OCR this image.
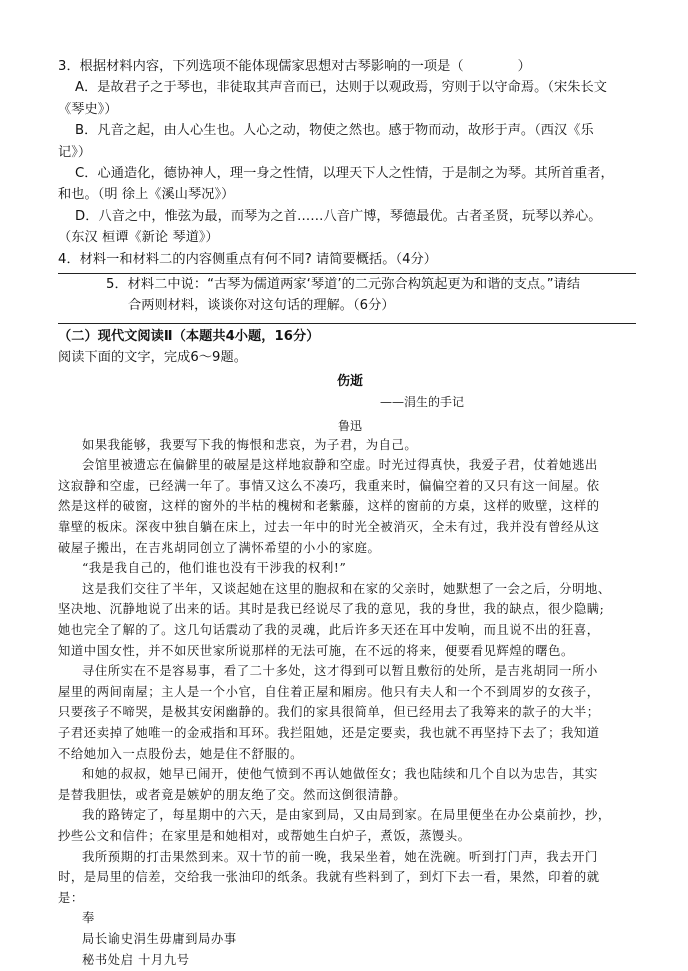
3．根据材料内容，下列选项不能体现儒家思想对古琴影响的一项是（	）
A．是故君子之于琴也，非徒取其声音而已，达则于以观政焉，穷则于以守命焉。（宋朱长文
《琴史》）
B．凡音之起，由人心生也。人心之动，物使之然也。感于物而动，故形于声。（西汉《乐
记》）
C．心通造化，德协神人，理一身之性情，以理天下人之性情，于是制之为琴。其所首重者，
和也。（明 徐上《溪山琴况》）
D．八音之中，惟弦为最，而琴为之首……八音广博，琴德最优。古者圣贤，玩琴以养心。
（东汉 桓谭《新论 琴道》）
4．材料一和材料二的内容侧重点有何不同? 请简要概括。（4分）
5．材料二中说：“古琴为儒道两家‘琴道’的二元弥合构筑起更为和谐的支点。”请结
合两则材料，谈谈你对这句话的理解。（6分）
（二）现代文阅读Ⅱ（本题共4小题，16分）
阅读下面的文字，完成6～9题。
伤逝
——涓生的手记
鲁迅
如果我能够，我要写下我的悔恨和悲哀，为子君，为自己。
会馆里被遗忘在偏僻里的破屋是这样地寂静和空虚。时光过得真快，我爱子君，仗着她逃出
这寂静和空虚，已经满一年了。事情又这么不凑巧，我重来时，偏偏空着的又只有这一间屋。依
然是这样的破窗，这样的窗外的半枯的槐树和老紫藤，这样的窗前的方桌，这样的败壁，这样的
靠壁的板床。深夜中独自躺在床上，过去一年中的时光全被消灭，全未有过，我并没有曾经从这
破屋子搬出，在吉兆胡同创立了满怀希望的小小的家庭。
“我是我自己的，他们谁也没有干涉我的权利!”
这是我们交往了半年，又谈起她在这里的胞叔和在家的父亲时，她默想了一会之后，分明地、
坚决地、沉静地说了出来的话。其时是我已经说尽了我的意见，我的身世，我的缺点，很少隐瞒;
她也完全了解的了。这几句话震动了我的灵魂，此后许多天还在耳中发响，而且说不出的狂喜，
知道中国女性，并不如厌世家所说那样的无法可施，在不远的将来，便要看见辉煌的曙色。
寻住所实在不是容易事，看了二十多处，这才得到可以暂且敷衍的处所，是吉兆胡同一所小
屋里的两间南屋；主人是一个小官，自住着正屋和厢房。他只有夫人和一个不到周岁的女孩子，
只要孩子不啼哭，是极其安闲幽静的。我们的家具很简单，但已经用去了我筹来的款子的大半；
子君还卖掉了她唯一的金戒指和耳环。我拦阻她，还是定要卖，我也就不再坚持下去了；我知道
不给她加入一点股份去，她是住不舒服的。
和她的叔叔，她早已闹开，使他气愤到不再认她做侄女；我也陆续和几个自以为忠告，其实
是替我胆怯，或者竟是嫉妒的朋友绝了交。然而这倒很清静。
我的路铸定了，每星期中的六天，是由家到局，又由局到家。在局里便坐在办公桌前抄，抄，
抄些公文和信件；在家里是和她相对，或帮她生白炉子，煮饭，蒸馒头。
我所预期的打击果然到来。双十节的前一晚，我呆坐着，她在洗碗。听到打门声，我去开门
时，是局里的信差，交给我一张油印的纸条。我就有些料到了，到灯下去一看，果然，印着的就
是：
奉
局长谕史涓生毋庸到局办事
秘书处启 十月九号
